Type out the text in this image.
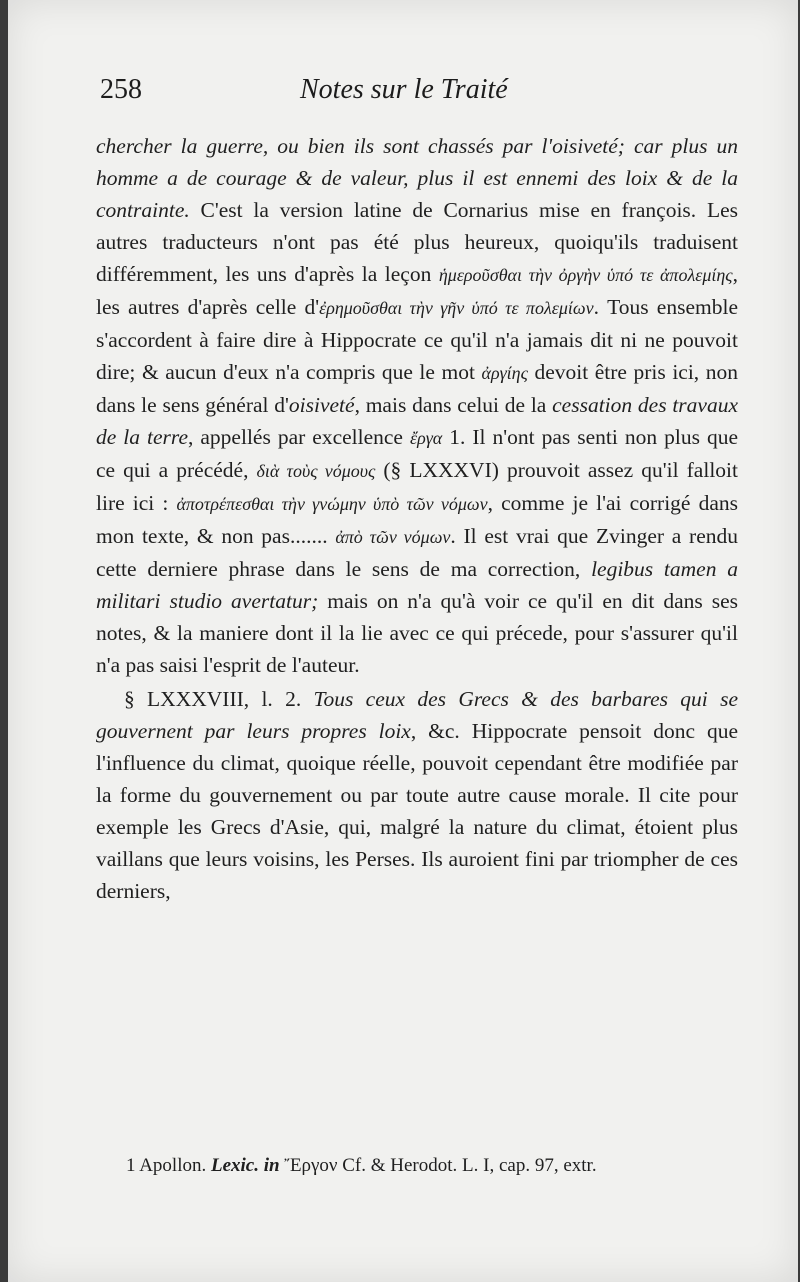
258	Notes sur le Traité

chercher la guerre, ou bien ils sont chassés par l'oisiveté; car plus un homme a de courage & de valeur, plus il est ennemi des loix & de la contrainte. C'est la version latine de Cornarius mise en françois. Les autres traducteurs n'ont pas été plus heureux, quoiqu'ils traduisent différemment, les uns d'après la leçon ἡμεροῦσθαι τὴν ὀργὴν ὑπό τε ἀπολεμίης, les autres d'après celle d'ἐρημοῦσθαι τὴν γῆν ὑπό τε πολεμίων. Tous ensemble s'accordent à faire dire à Hippocrate ce qu'il n'a jamais dit ni ne pouvoit dire; & aucun d'eux n'a compris que le mot ἀργίης devoit être pris ici, non dans le sens général d'oisiveté, mais dans celui de la cessation des travaux de la terre, appellés par excellence ἔργα 1. Il n'ont pas senti non plus que ce qui a précédé, διὰ τοὺς νόμους (§ LXXXVI) prouvoit assez qu'il falloit lire ici : ἀποτρέπεσθαι τὴν γνώμην ὑπὸ τῶν νόμων, comme je l'ai corrigé dans mon texte, & non pas....... ἀπὸ τῶν νόμων. Il est vrai que Zvinger a rendu cette derniere phrase dans le sens de ma correction, legibus tamen a militari studio avertatur; mais on n'a qu'à voir ce qu'il en dit dans ses notes, & la maniere dont il la lie avec ce qui précede, pour s'assurer qu'il n'a pas saisi l'esprit de l'auteur.

§ LXXXVIII, l. 2. Tous ceux des Grecs & des barbares qui se gouvernent par leurs propres loix, &c. Hippocrate pensoit donc que l'influence du climat, quoique réelle, pouvoit cependant être modifiée par la forme du gouvernement ou par toute autre cause morale. Il cite pour exemple les Grecs d'Asie, qui, malgré la nature du climat, étoient plus vaillans que leurs voisins, les Perses. Ils auroient fini par triompher de ces derniers,

1 Apollon. Lexic. in Ἔργον Cf. & Herodot. L. I, cap. 97, extr.
